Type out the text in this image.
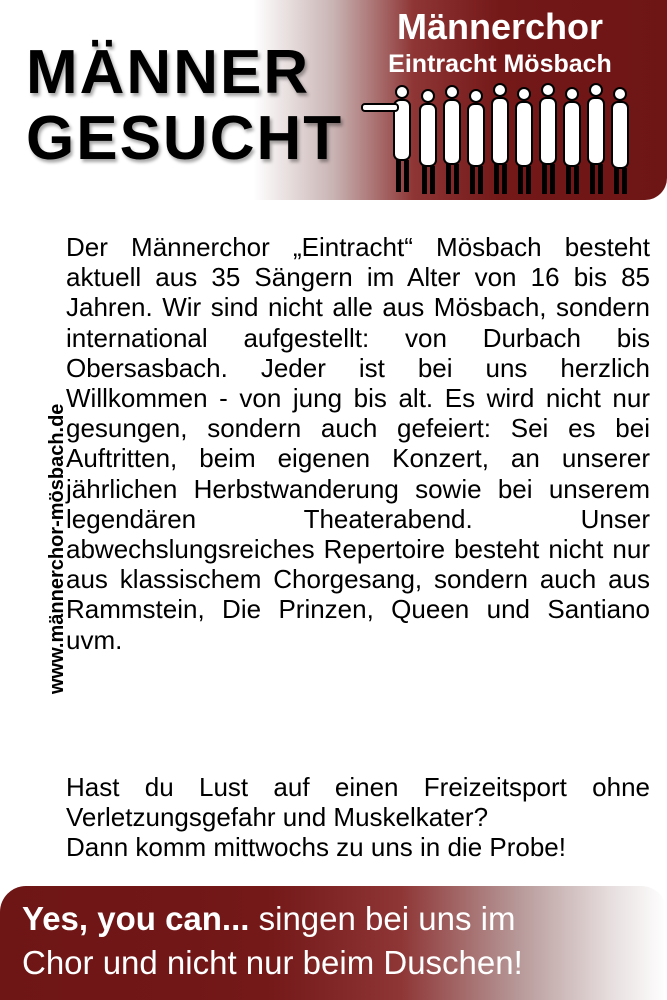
MÄNNER
GESUCHT
Männerchor
Eintracht Mösbach
www.männerchor-mösbach.de

Der Männerchor „Eintracht“ Mösbach besteht aktuell aus 35 Sängern im Alter von 16 bis 85 Jahren. Wir sind nicht alle aus Mösbach, sondern international aufgestellt: von Durbach bis Obersasbach. Jeder ist bei uns herzlich Willkommen - von jung bis alt. Es wird nicht nur gesungen, sondern auch gefeiert: Sei es bei Auftritten, beim eigenen Konzert, an unserer jährlichen Herbstwanderung sowie bei unserem legendären Theaterabend. Unser abwechslungsreiches Repertoire besteht nicht nur aus klassischem Chorgesang, sondern auch aus Rammstein, Die Prinzen, Queen und Santiano uvm.

Hast du Lust auf einen Freizeitsport ohne Verletzungsgefahr und Muskelkater?
Dann komm mittwochs zu uns in die Probe!

Yes, you can... singen bei uns im

Chor und nicht nur beim Duschen!
